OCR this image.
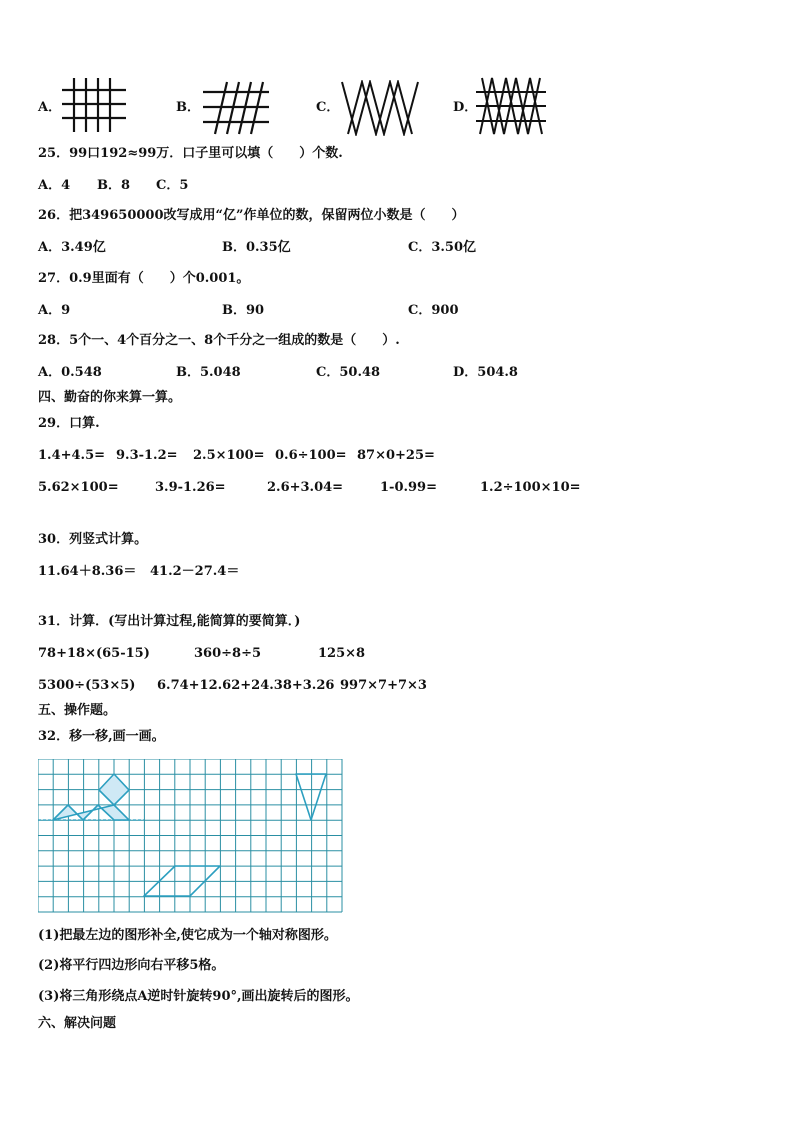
A．	B．	C．	D．
25．99口192≈99万．口子里可以填（　　）个数.
A．4 B．8 C．5
26．把349650000改写成用“亿”作单位的数，保留两位小数是（　　）
A．3.49亿	B．0.35亿	C．3.50亿
27．0.9里面有（　　）个0.001。
A．9	B．90	C．900
28．5个一、4个百分之一、8个千分之一组成的数是（　　）.
A．0.548	B．5.048	C．50.48	D．504.8
四、勤奋的你来算一算。
29．口算.
1.4+4.5= 9.3-1.2= 2.5×100= 0.6÷100= 87×0+25=
5.62×100=	3.9-1.26=	2.6+3.04=	1-0.99=	1.2÷100×10=
30．列竖式计算。
11.64＋8.36＝ 41.2－27.4＝
31．计算．(写出计算过程,能简算的要简算．)
78+18×(65-15)	360÷8÷5	125×8
5300÷(53×5) 6.74+12.62+24.38+3.26 997×7+7×3
五、操作题。
32．移一移,画一画。
(1)把最左边的图形补全,使它成为一个轴对称图形。
(2)将平行四边形向右平移5格。
(3)将三角形绕点A逆时针旋转90°,画出旋转后的图形。
六、解决问题
